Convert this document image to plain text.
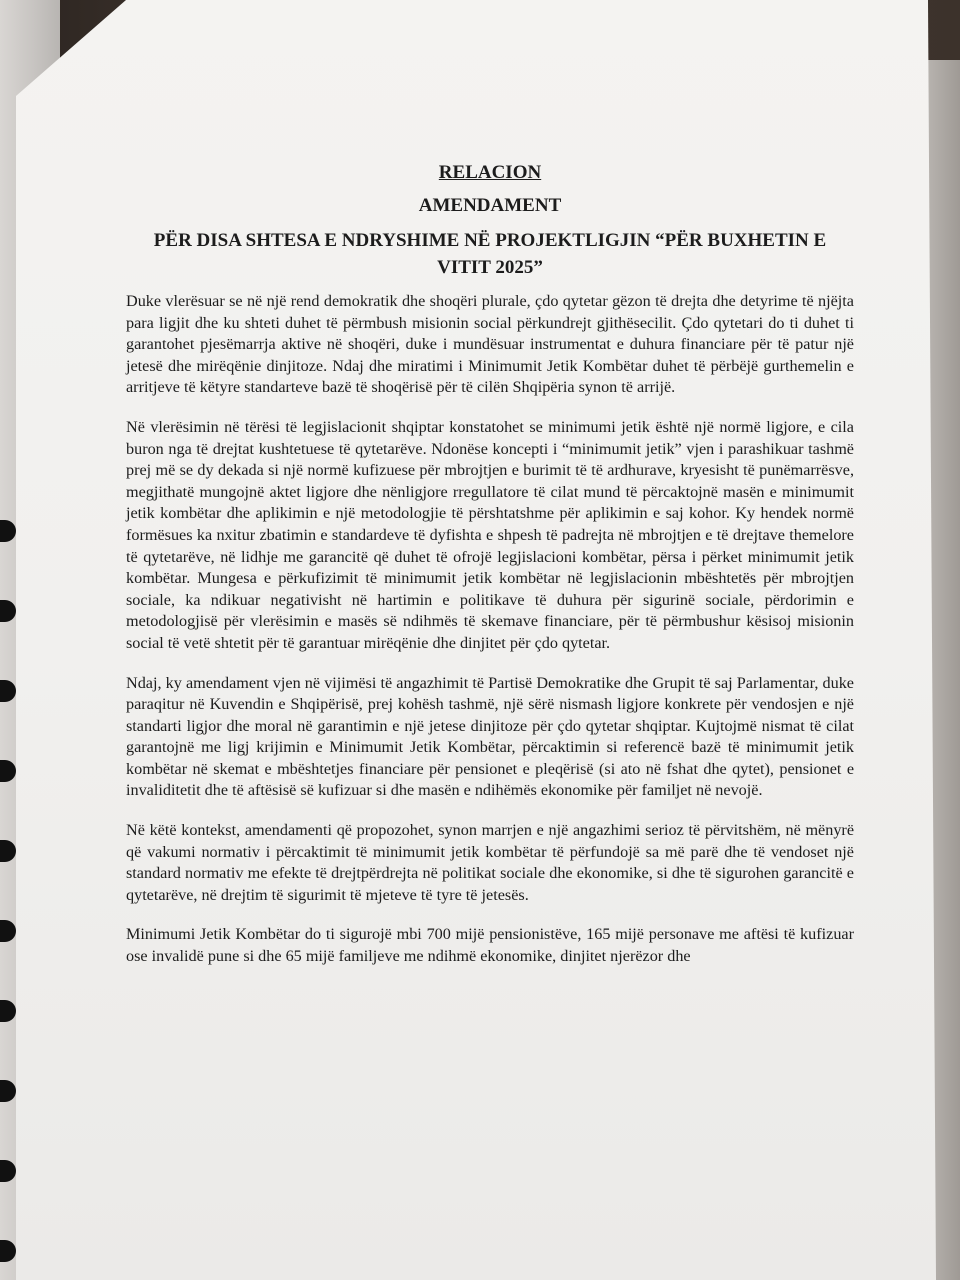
RELACION
AMENDAMENT
PËR DISA SHTESA E NDRYSHIME NË PROJEKTLIGJIN “PËR BUXHETIN E VITIT 2025”

Duke vlerësuar se në një rend demokratik dhe shoqëri plurale, çdo qytetar gëzon të drejta dhe detyrime të njëjta para ligjit dhe ku shteti duhet të përmbush misionin social përkundrejt gjithësecilit. Çdo qytetari do ti duhet ti garantohet pjesëmarrja aktive në shoqëri, duke i mundësuar instrumentat e duhura financiare për të patur një jetesë dhe mirëqënie dinjitoze. Ndaj dhe miratimi i Minimumit Jetik Kombëtar duhet të përbëjë gurthemelin e arritjeve të këtyre standarteve bazë të shoqërisë për të cilën Shqipëria synon të arrijë.

Në vlerësimin në tërësi të legjislacionit shqiptar konstatohet se minimumi jetik është një normë ligjore, e cila buron nga të drejtat kushtetuese të qytetarëve. Ndonëse koncepti i “minimumit jetik” vjen i parashikuar tashmë prej më se dy dekada si një normë kufizuese për mbrojtjen e burimit të të ardhurave, kryesisht të punëmarrësve, megjithatë mungojnë aktet ligjore dhe nënligjore rregullatore të cilat mund të përcaktojnë masën e minimumit jetik kombëtar dhe aplikimin e një metodologjie të përshtatshme për aplikimin e saj kohor. Ky hendek normë formësues ka nxitur zbatimin e standardeve të dyfishta e shpesh të padrejta në mbrojtjen e të drejtave themelore të qytetarëve, në lidhje me garancitë që duhet të ofrojë legjislacioni kombëtar, përsa i përket minimumit jetik kombëtar. Mungesa e përkufizimit të minimumit jetik kombëtar në legjislacionin mbështetës për mbrojtjen sociale, ka ndikuar negativisht në hartimin e politikave të duhura për sigurinë sociale, përdorimin e metodologjisë për vlerësimin e masës së ndihmës të skemave financiare, për të përmbushur kësisoj misionin social të vetë shtetit për të garantuar mirëqënie dhe dinjitet për çdo qytetar.

Ndaj, ky amendament vjen në vijimësi të angazhimit të Partisë Demokratike dhe Grupit të saj Parlamentar, duke paraqitur në Kuvendin e Shqipërisë, prej kohësh tashmë, një sërë nismash ligjore konkrete për vendosjen e një standarti ligjor dhe moral në garantimin e një jetese dinjitoze për çdo qytetar shqiptar. Kujtojmë nismat të cilat garantojnë me ligj krijimin e Minimumit Jetik Kombëtar, përcaktimin si referencë bazë të minimumit jetik kombëtar në skemat e mbështetjes financiare për pensionet e pleqërisë (si ato në fshat dhe qytet), pensionet e invaliditetit dhe të aftësisë së kufizuar si dhe masën e ndihëmës ekonomike për familjet në nevojë.

Në këtë kontekst, amendamenti që propozohet, synon marrjen e një angazhimi serioz të përvitshëm, në mënyrë që vakumi normativ i përcaktimit të minimumit jetik kombëtar të përfundojë sa më parë dhe të vendoset një standard normativ me efekte të drejtpërdrejta në politikat sociale dhe ekonomike, si dhe të sigurohen garancitë e qytetarëve, në drejtim të sigurimit të mjeteve të tyre të jetesës.

Minimumi Jetik Kombëtar do ti sigurojë mbi 700 mijë pensionistëve, 165 mijë personave me aftësi të kufizuar ose invalidë pune si dhe 65 mijë familjeve me ndihmë ekonomike, dinjitet njerëzor dhe
